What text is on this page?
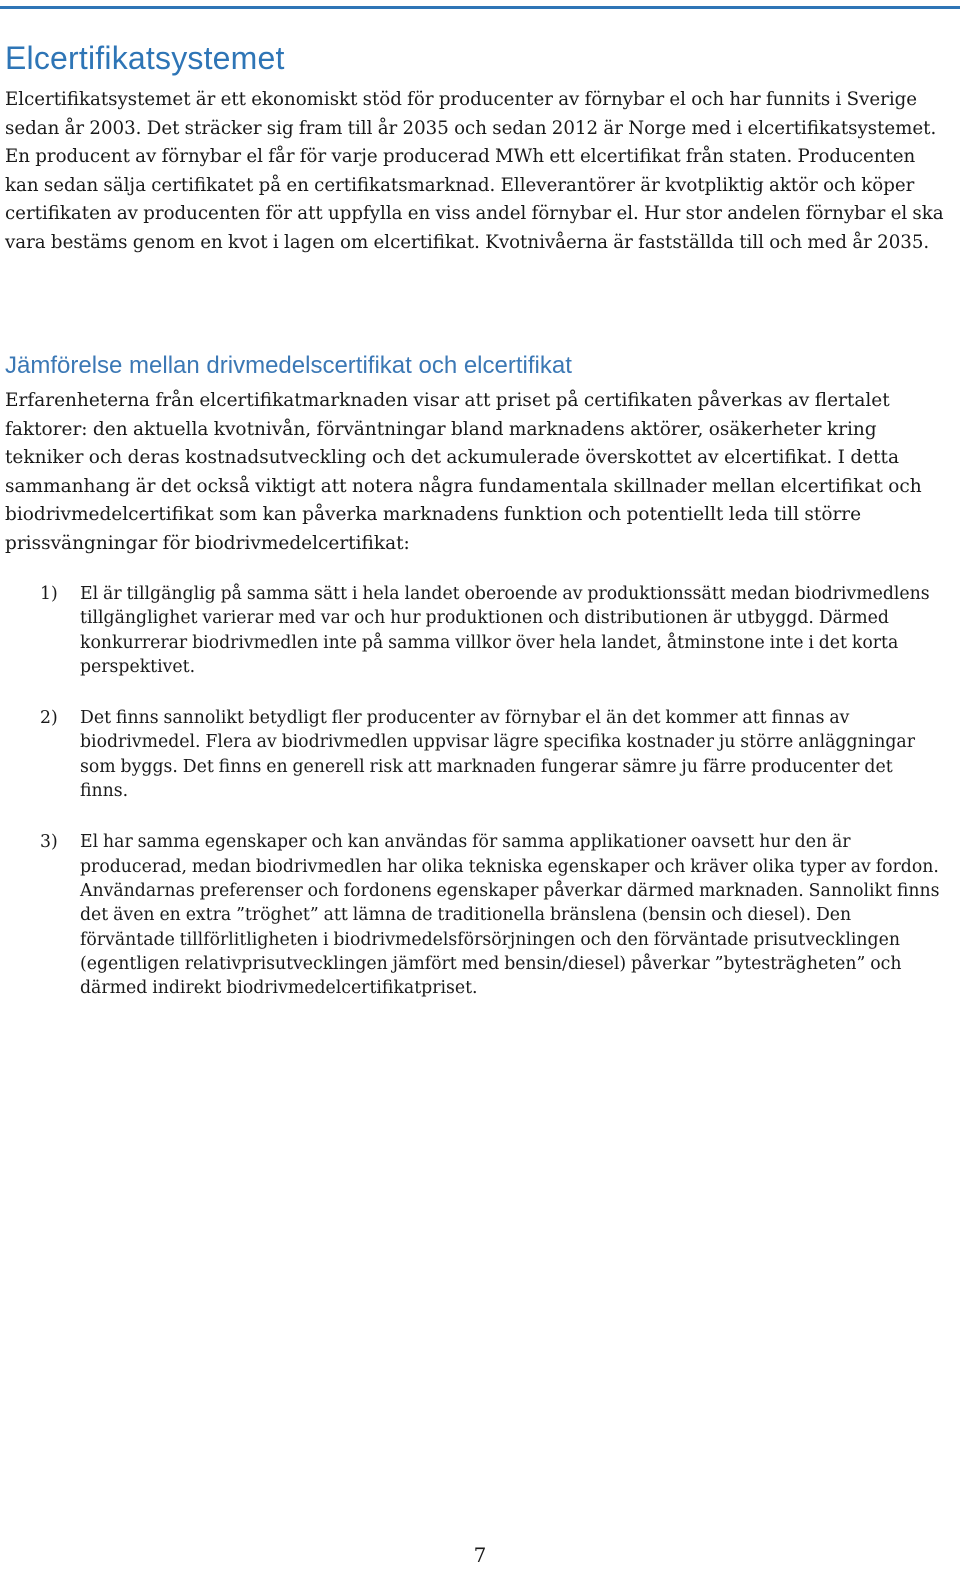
Elcertifikatsystemet

Elcertifikatsystemet är ett ekonomiskt stöd för producenter av förnybar el och har funnits i Sverige sedan år 2003. Det sträcker sig fram till år 2035 och sedan 2012 är Norge med i elcertifikatsystemet. En producent av förnybar el får för varje producerad MWh ett elcertifikat från staten. Producenten kan sedan sälja certifikatet på en certifikatsmarknad. Elleverantörer är kvotpliktig aktör och köper certifikaten av producenten för att uppfylla en viss andel förnybar el. Hur stor andelen förnybar el ska vara bestäms genom en kvot i lagen om elcertifikat. Kvotnivåerna är fastställda till och med år 2035.

Jämförelse mellan drivmedelscertifikat och elcertifikat

Erfarenheterna från elcertifikatmarknaden visar att priset på certifikaten påverkas av flertalet faktorer: den aktuella kvotnivån, förväntningar bland marknadens aktörer, osäkerheter kring tekniker och deras kostnadsutveckling och det ackumulerade överskottet av elcertifikat. I detta sammanhang är det också viktigt att notera några fundamentala skillnader mellan elcertifikat och biodrivmedelcertifikat som kan påverka marknadens funktion och potentiellt leda till större prissvängningar för biodrivmedelcertifikat:

1) El är tillgänglig på samma sätt i hela landet oberoende av produktionssätt medan biodrivmedlens tillgänglighet varierar med var och hur produktionen och distributionen är utbyggd. Därmed konkurrerar biodrivmedlen inte på samma villkor över hela landet, åtminstone inte i det korta perspektivet.
2) Det finns sannolikt betydligt fler producenter av förnybar el än det kommer att finnas av biodrivmedel. Flera av biodrivmedlen uppvisar lägre specifika kostnader ju större anläggningar som byggs. Det finns en generell risk att marknaden fungerar sämre ju färre producenter det finns.
3) El har samma egenskaper och kan användas för samma applikationer oavsett hur den är producerad, medan biodrivmedlen har olika tekniska egenskaper och kräver olika typer av fordon. Användarnas preferenser och fordonens egenskaper påverkar därmed marknaden. Sannolikt finns det även en extra ”tröghet” att lämna de traditionella bränslena (bensin och diesel). Den förväntade tillförlitligheten i biodrivmedelsförsörjningen och den förväntade prisutvecklingen (egentligen relativprisutvecklingen jämfört med bensin/diesel) påverkar ”bytesträgheten” och därmed indirekt biodrivmedelcertifikatpriset.
7
